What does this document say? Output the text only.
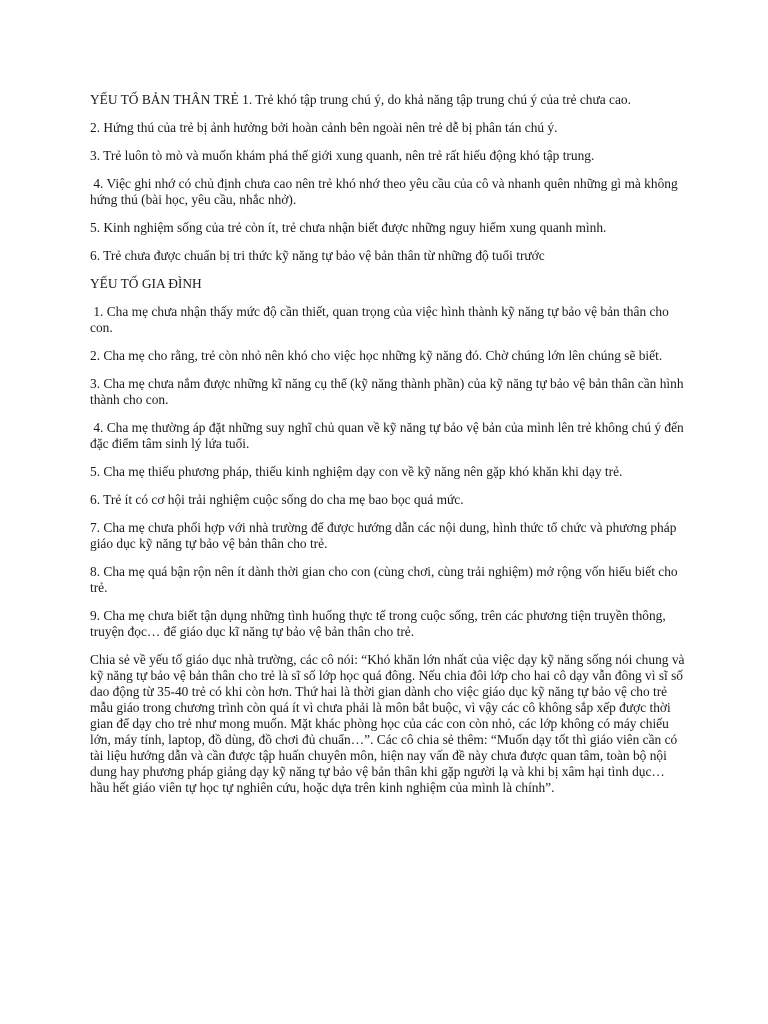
YẾU TỐ BẢN THÂN TRẺ 1. Trẻ khó tập trung chú ý, do khả năng tập trung chú ý của trẻ chưa cao.

2. Hứng thú của trẻ bị ảnh hưởng bởi hoàn cảnh bên ngoài nên trẻ dễ bị phân tán chú ý.

3. Trẻ luôn tò mò và muốn khám phá thế giới xung quanh, nên trẻ rất hiếu động khó tập trung.

4. Việc ghi nhớ có chủ định chưa cao nên trẻ khó nhớ theo yêu cầu của cô và nhanh quên những gì mà không hứng thú (bài học, yêu cầu, nhắc nhở).

5. Kinh nghiệm sống của trẻ còn ít, trẻ chưa nhận biết được những nguy hiểm xung quanh mình.

6. Trẻ chưa được chuẩn bị tri thức kỹ năng tự bảo vệ bản thân từ những độ tuổi trước

YẾU TỐ GIA ĐÌNH

1. Cha mẹ chưa nhận thấy mức độ cần thiết, quan trọng của việc hình thành kỹ năng tự bảo vệ bản thân cho con.

2. Cha mẹ cho rằng, trẻ còn nhỏ nên khó cho việc học những kỹ năng đó. Chờ chúng lớn lên chúng sẽ biết.

3. Cha mẹ chưa nắm được những kĩ năng cụ thể (kỹ năng thành phần) của kỹ năng tự bảo vệ bản thân cần hình thành cho con.

4. Cha mẹ thường áp đặt những suy nghĩ chủ quan về kỹ năng tự bảo vệ bản của mình lên trẻ không chú ý đến đặc điểm tâm sinh lý lứa tuổi.

5. Cha mẹ thiếu phương pháp, thiếu kinh nghiệm dạy con về kỹ năng nên gặp khó khăn khi dạy trẻ.

6. Trẻ ít có cơ hội trải nghiệm cuộc sống do cha mẹ bao bọc quá mức.

7. Cha mẹ chưa phối hợp với nhà trường để được hướng dẫn các nội dung, hình thức tổ chức và phương pháp giáo dục kỹ năng tự bảo vệ bản thân cho trẻ.

8. Cha mẹ quá bận rộn nên ít dành thời gian cho con (cùng chơi, cùng trải nghiệm) mở rộng vốn hiểu biết cho trẻ.

9. Cha mẹ chưa biết tận dụng những tình huống thực tế trong cuộc sống, trên các phương tiện truyền thông, truyện đọc… để giáo dục kĩ năng tự bảo vệ bản thân cho trẻ.

Chia sẻ về yếu tố giáo dục nhà trường, các cô nói: “Khó khăn lớn nhất của việc dạy kỹ năng sống nói chung và kỹ năng tự bảo vệ bản thân cho trẻ là sĩ số lớp học quá đông. Nếu chia đôi lớp cho hai cô dạy vẫn đông vì sĩ số dao động từ 35-40 trẻ có khi còn hơn. Thứ hai là thời gian dành cho việc giáo dục kỹ năng tự bảo vệ cho trẻ mẫu giáo trong chương trình còn quá ít vì chưa phải là môn bắt buộc, vì vậy các cô không sắp xếp được thời gian để dạy cho trẻ như mong muốn. Mặt khác phòng học của các con còn nhỏ, các lớp không có máy chiếu lớn, máy tính, laptop, đồ dùng, đồ chơi đủ chuẩn…”. Các cô chia sẻ thêm: “Muốn dạy tốt thì giáo viên cần có tài liệu hướng dẫn và cần được tập huấn chuyên môn, hiện nay vấn đề này chưa được quan tâm, toàn bộ nội dung hay phương pháp giảng dạy kỹ năng tự bảo vệ bản thân khi gặp người lạ và khi bị xâm hại tình dục… hầu hết giáo viên tự học tự nghiên cứu, hoặc dựa trên kinh nghiệm của mình là chính”.
